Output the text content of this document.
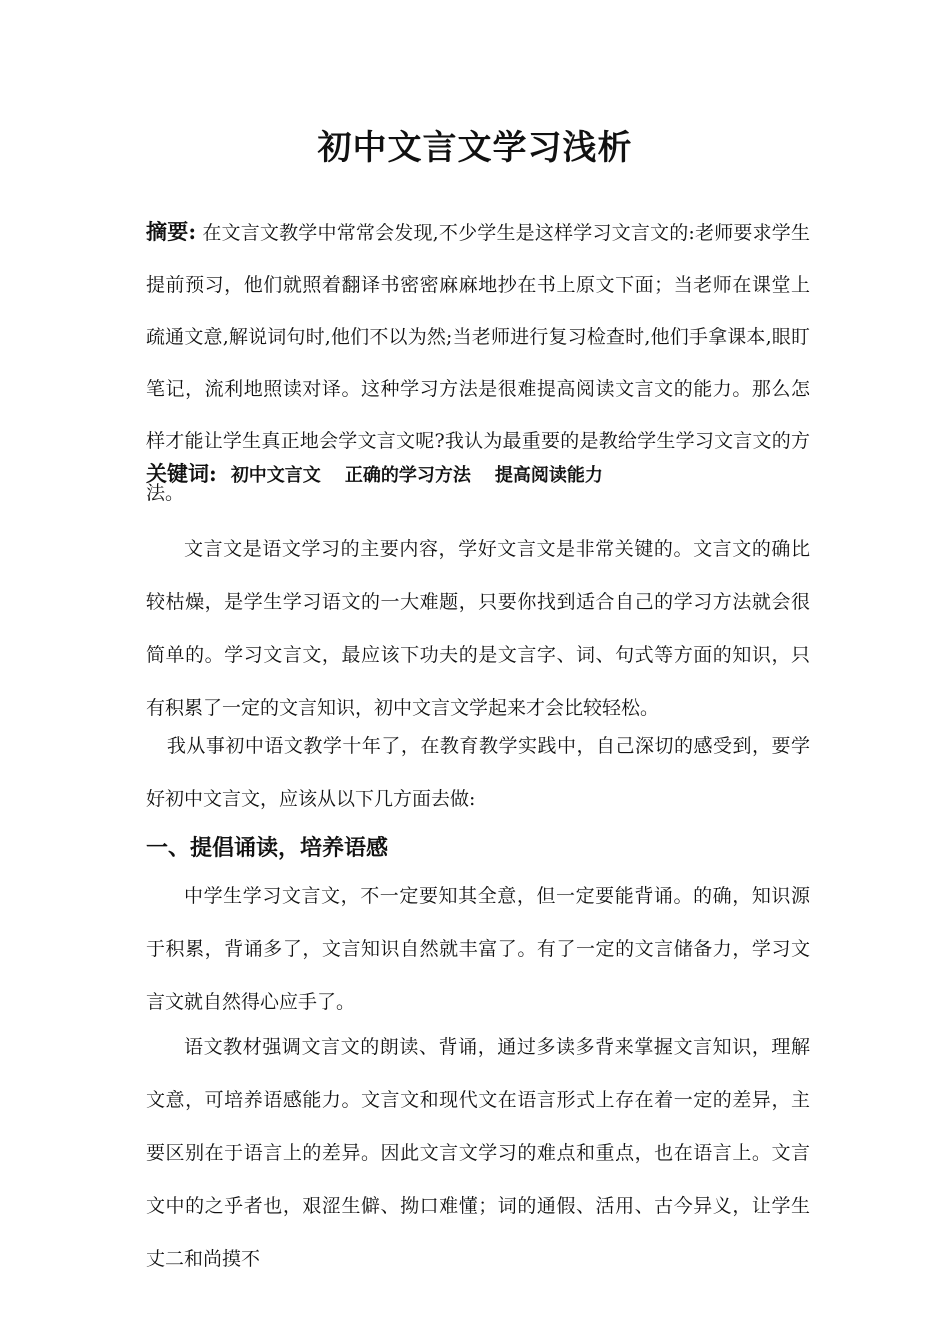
初中文言文学习浅析
摘要: 在文言文教学中常常会发现,不少学生是这样学习文言文的:老师要求学生提前预习，他们就照着翻译书密密麻麻地抄在书上原文下面；当老师在课堂上疏通文意,解说词句时,他们不以为然;当老师进行复习检查时,他们手拿课本,眼盯笔记，流利地照读对译。这种学习方法是很难提高阅读文言文的能力。那么怎样才能让学生真正地会学文言文呢?我认为最重要的是教给学生学习文言文的方法。
关键词: 初中文言文 正确的学习方法 提高阅读能力

文言文是语文学习的主要内容，学好文言文是非常关键的。文言文的确比较枯燥，是学生学习语文的一大难题，只要你找到适合自己的学习方法就会很简单的。学习文言文，最应该下功夫的是文言字、词、句式等方面的知识，只有积累了一定的文言知识，初中文言文学起来才会比较轻松。

我从事初中语文教学十年了，在教育教学实践中，自己深切的感受到，要学好初中文言文，应该从以下几方面去做:

一、提倡诵读，培养语感

中学生学习文言文，不一定要知其全意，但一定要能背诵。的确，知识源于积累，背诵多了，文言知识自然就丰富了。有了一定的文言储备力，学习文言文就自然得心应手了。

语文教材强调文言文的朗读、背诵，通过多读多背来掌握文言知识，理解文意，可培养语感能力。文言文和现代文在语言形式上存在着一定的差异，主要区别在于语言上的差异。因此文言文学习的难点和重点，也在语言上。文言文中的之乎者也，艰涩生僻、拗口难懂；词的通假、活用、古今异义，让学生丈二和尚摸不
